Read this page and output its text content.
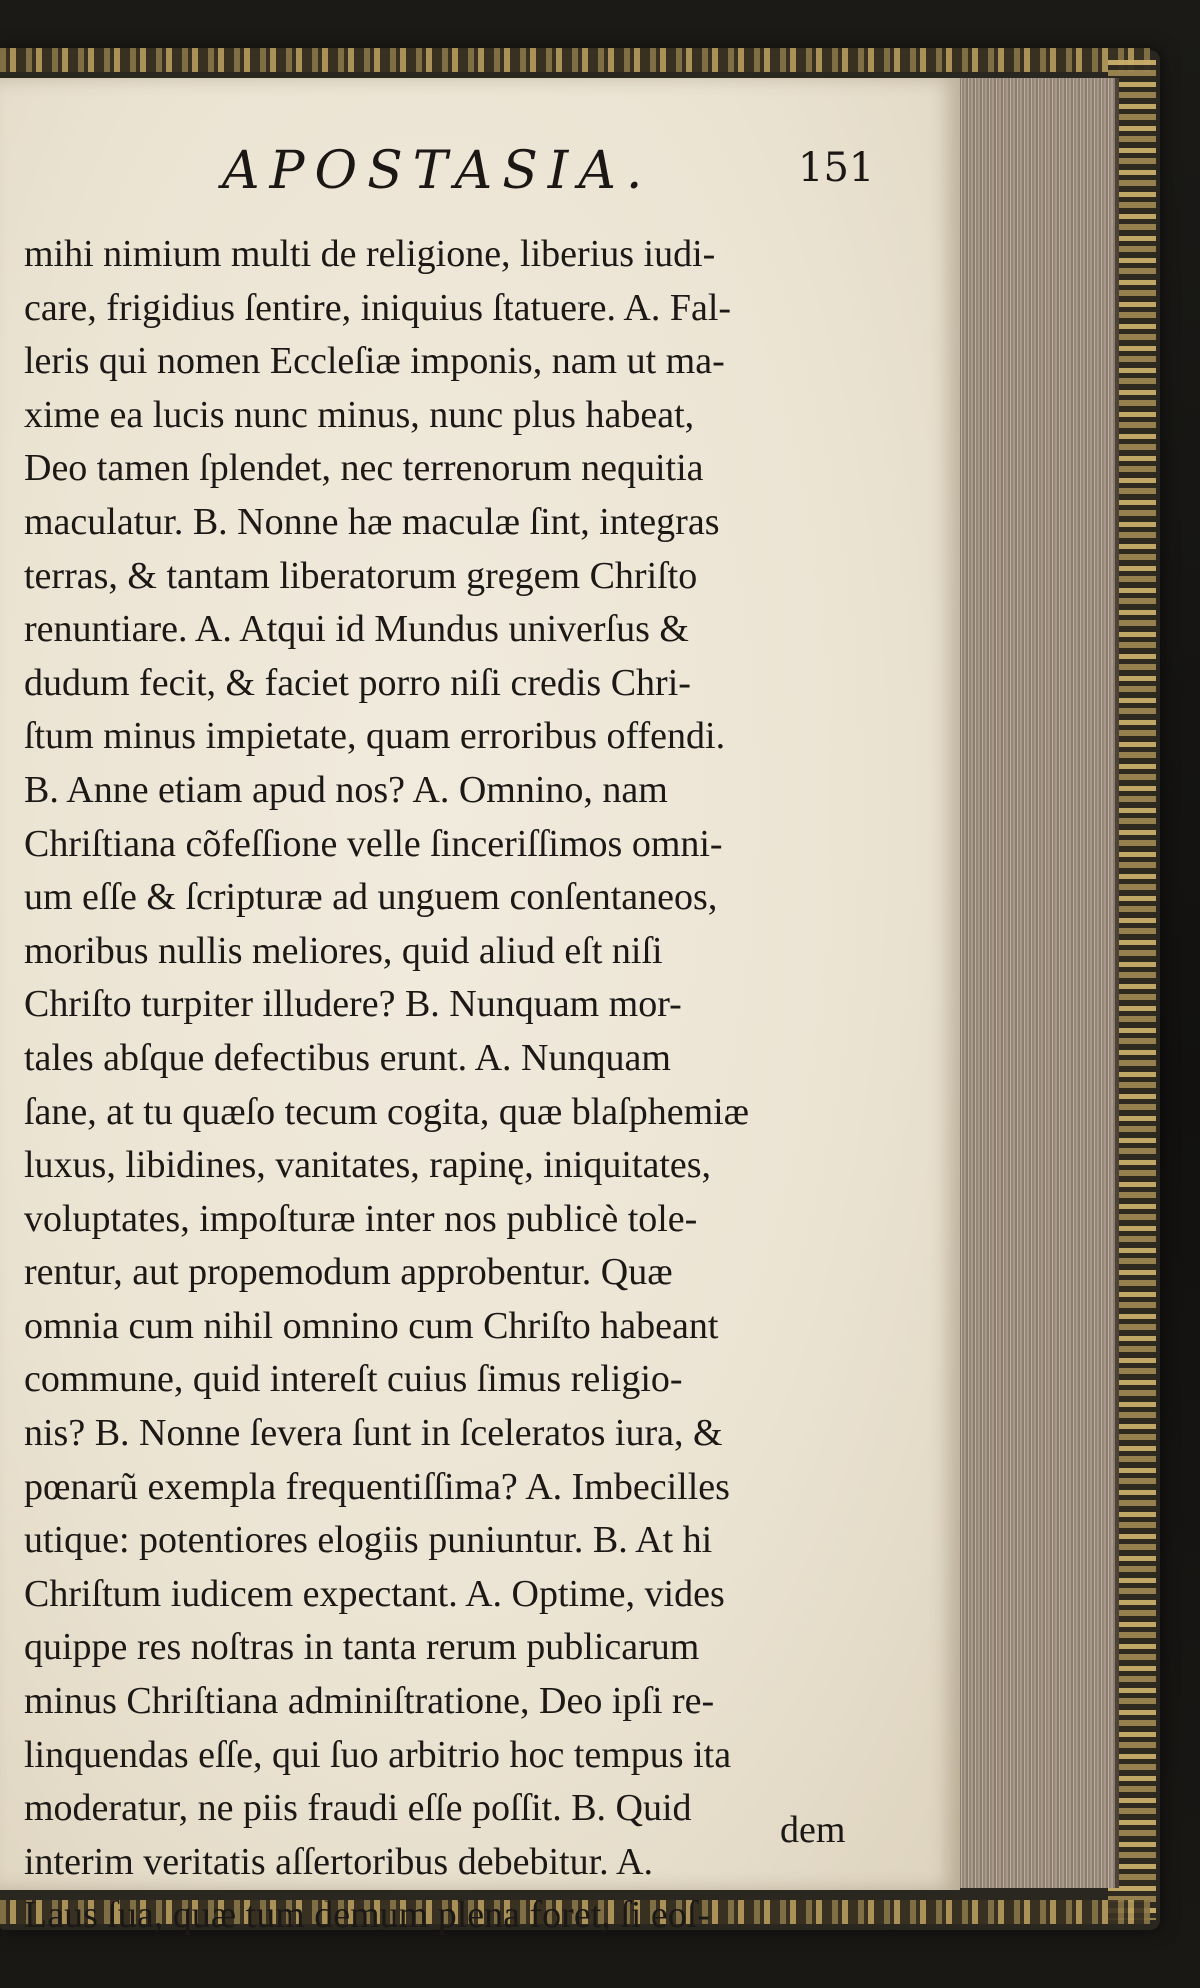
APOSTASIA.	151
mihi nimium multi de religione, liberius iudi-
care, frigidius ſentire, iniquius ſtatuere. A. Fal-
leris qui nomen Eccleſiæ imponis, nam ut ma-
xime ea lucis nunc minus, nunc plus habeat,
Deo tamen ſplendet, nec terrenorum nequitia
maculatur. B. Nonne hæ maculæ ſint, integras
terras, & tantam liberatorum gregem Chriſto
renuntiare. A. Atqui id Mundus univerſus &
dudum fecit, & faciet porro niſi credis Chri-
ſtum minus impietate, quam erroribus offendi.
B. Anne etiam apud nos? A. Omnino, nam
Chriſtiana cõfeſſione velle ſinceriſſimos omni-
um eſſe & ſcripturæ ad unguem conſentaneos,
moribus nullis meliores, quid aliud eſt niſi
Chriſto turpiter illudere? B. Nunquam mor-
tales abſque defectibus erunt. A. Nunquam
ſane, at tu quæſo tecum cogita, quæ blaſphemiæ
luxus, libidines, vanitates, rapinę, iniquitates,
voluptates, impoſturæ inter nos publicè tole-
rentur, aut propemodum approbentur. Quæ
omnia cum nihil omnino cum Chriſto habeant
commune, quid intereſt cuius ſimus religio-
nis? B. Nonne ſevera ſunt in ſceleratos iura, &
pœnarũ exempla frequentiſſima? A. Imbecilles
utique: potentiores elogiis puniuntur. B. At hi
Chriſtum iudicem expectant. A. Optime, vides
quippe res noſtras in tanta rerum publicarum
minus Chriſtiana adminiſtratione, Deo ipſi re-
linquendas eſſe, qui ſuo arbitrio hoc tempus ita
moderatur, ne piis fraudi eſſe poſſit. B. Quid
interim veritatis aſſertoribus debebitur. A.
Laus ſua, quæ tum demum plena foret, ſi eoſ-
dem
